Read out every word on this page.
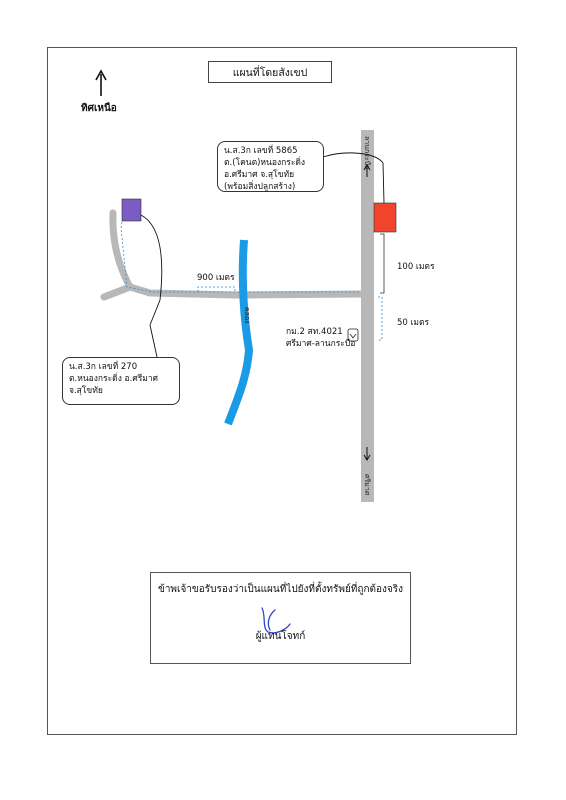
แผนที่โดยสังเขป
ทิศเหนือ
ลานกระบือ
ศรีมาศ
คลอง
น.ส.3ก เลขที่ 5865
ต.(โคนต)หนองกระดิ่ง
อ.ศรีมาศ จ.สุโขทัย
(พร้อมสิ่งปลูกสร้าง)
น.ส.3ก เลขที่ 270
ต.หนองกระดิ่ง อ.ศรีมาศ
จ.สุโขทัย
900 เมตร
100 เมตร
50 เมตร
กม.2 สท.4021
ศรีมาศ-ลานกระบือ
ข้าพเจ้าขอรับรองว่าเป็นแผนที่ไปยังที่ตั้งทรัพย์ที่ถูกต้องจริง
ผู้แทนโจทก์
